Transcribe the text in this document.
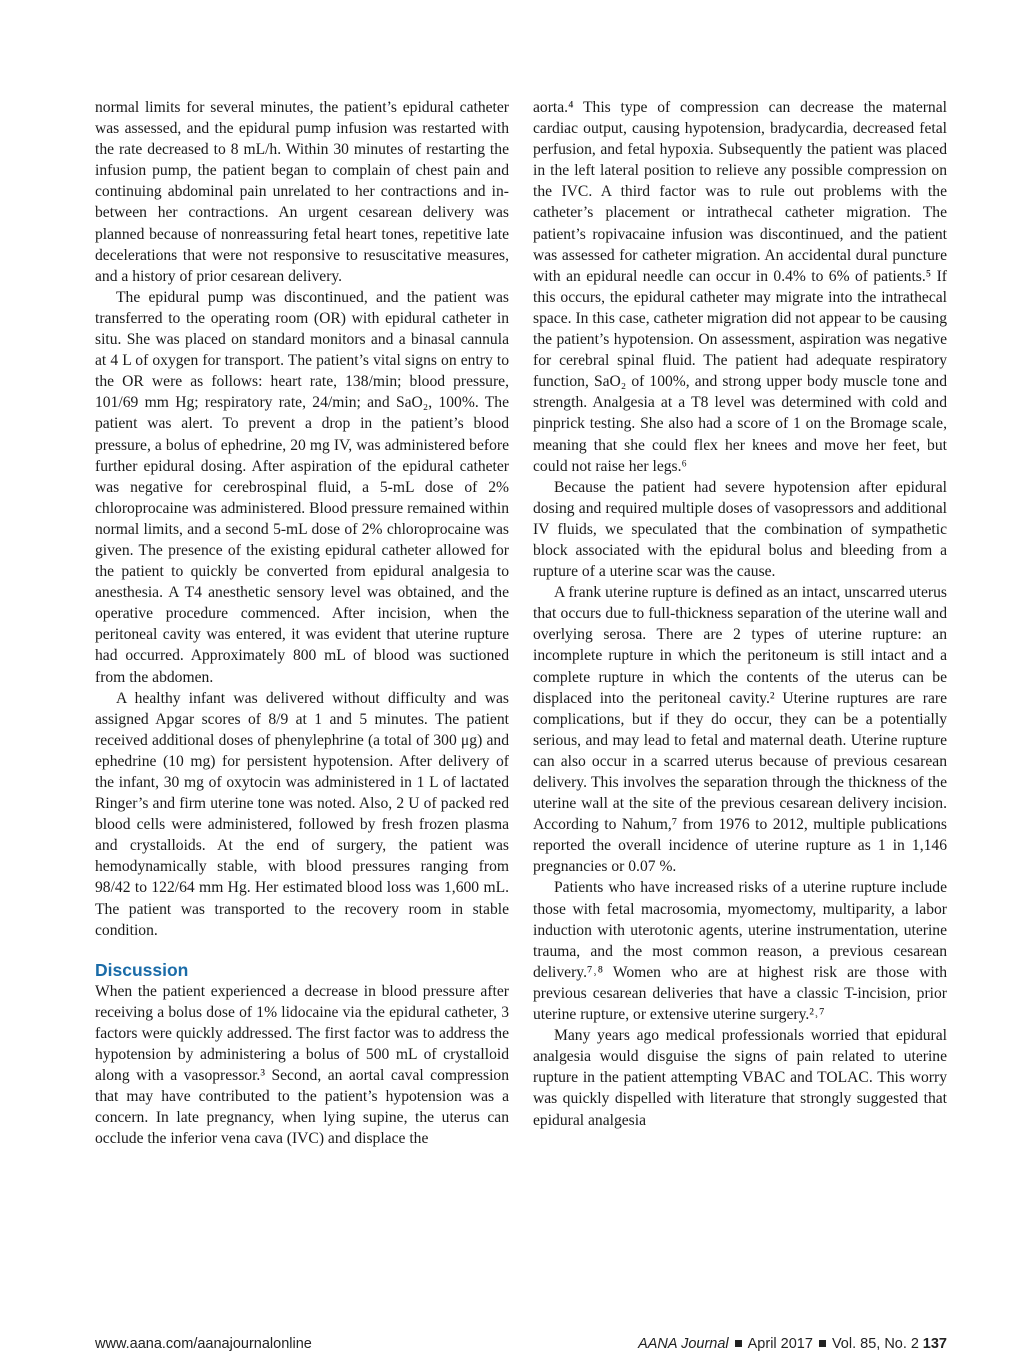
normal limits for several minutes, the patient’s epidural catheter was assessed, and the epidural pump infusion was restarted with the rate decreased to 8 mL/h. Within 30 minutes of restarting the infusion pump, the patient began to complain of chest pain and continuing abdominal pain unrelated to her contractions and in-between her contractions. An urgent cesarean delivery was planned because of nonreassuring fetal heart tones, repetitive late decelerations that were not responsive to resuscitative measures, and a history of prior cesarean delivery.

The epidural pump was discontinued, and the patient was transferred to the operating room (OR) with epidural catheter in situ. She was placed on standard monitors and a binasal cannula at 4 L of oxygen for transport. The patient’s vital signs on entry to the OR were as follows: heart rate, 138/min; blood pressure, 101/69 mm Hg; respiratory rate, 24/min; and SaO₂, 100%. The patient was alert. To prevent a drop in the patient’s blood pressure, a bolus of ephedrine, 20 mg IV, was administered before further epidural dosing. After aspiration of the epidural catheter was negative for cerebrospinal fluid, a 5-mL dose of 2% chloroprocaine was administered. Blood pressure remained within normal limits, and a second 5-mL dose of 2% chloroprocaine was given. The presence of the existing epidural catheter allowed for the patient to quickly be converted from epidural analgesia to anesthesia. A T4 anesthetic sensory level was obtained, and the operative procedure commenced. After incision, when the peritoneal cavity was entered, it was evident that uterine rupture had occurred. Approximately 800 mL of blood was suctioned from the abdomen.

A healthy infant was delivered without difficulty and was assigned Apgar scores of 8/9 at 1 and 5 minutes. The patient received additional doses of phenylephrine (a total of 300 μg) and ephedrine (10 mg) for persistent hypotension. After delivery of the infant, 30 mg of oxytocin was administered in 1 L of lactated Ringer’s and firm uterine tone was noted. Also, 2 U of packed red blood cells were administered, followed by fresh frozen plasma and crystalloids. At the end of surgery, the patient was hemodynamically stable, with blood pressures ranging from 98/42 to 122/64 mm Hg. Her estimated blood loss was 1,600 mL. The patient was transported to the recovery room in stable condition.

Discussion

When the patient experienced a decrease in blood pressure after receiving a bolus dose of 1% lidocaine via the epidural catheter, 3 factors were quickly addressed. The first factor was to address the hypotension by administering a bolus of 500 mL of crystalloid along with a vasopressor.³ Second, an aortal caval compression that may have contributed to the patient’s hypotension was a concern. In late pregnancy, when lying supine, the uterus can occlude the inferior vena cava (IVC) and displace the

aorta.⁴ This type of compression can decrease the maternal cardiac output, causing hypotension, bradycardia, decreased fetal perfusion, and fetal hypoxia. Subsequently the patient was placed in the left lateral position to relieve any possible compression on the IVC. A third factor was to rule out problems with the catheter’s placement or intrathecal catheter migration. The patient’s ropivacaine infusion was discontinued, and the patient was assessed for catheter migration. An accidental dural puncture with an epidural needle can occur in 0.4% to 6% of patients.⁵ If this occurs, the epidural catheter may migrate into the intrathecal space. In this case, catheter migration did not appear to be causing the patient’s hypotension. On assessment, aspiration was negative for cerebral spinal fluid. The patient had adequate respiratory function, SaO₂ of 100%, and strong upper body muscle tone and strength. Analgesia at a T8 level was determined with cold and pinprick testing. She also had a score of 1 on the Bromage scale, meaning that she could flex her knees and move her feet, but could not raise her legs.⁶

Because the patient had severe hypotension after epidural dosing and required multiple doses of vasopressors and additional IV fluids, we speculated that the combination of sympathetic block associated with the epidural bolus and bleeding from a rupture of a uterine scar was the cause.

A frank uterine rupture is defined as an intact, unscarred uterus that occurs due to full-thickness separation of the uterine wall and overlying serosa. There are 2 types of uterine rupture: an incomplete rupture in which the peritoneum is still intact and a complete rupture in which the contents of the uterus can be displaced into the peritoneal cavity.² Uterine ruptures are rare complications, but if they do occur, they can be a potentially serious, and may lead to fetal and maternal death. Uterine rupture can also occur in a scarred uterus because of previous cesarean delivery. This involves the separation through the thickness of the uterine wall at the site of the previous cesarean delivery incision. According to Nahum,⁷ from 1976 to 2012, multiple publications reported the overall incidence of uterine rupture as 1 in 1,146 pregnancies or 0.07 %.

Patients who have increased risks of a uterine rupture include those with fetal macrosomia, myomectomy, multiparity, a labor induction with uterotonic agents, uterine instrumentation, uterine trauma, and the most common reason, a previous cesarean delivery.⁷˒⁸ Women who are at highest risk are those with previous cesarean deliveries that have a classic T-incision, prior uterine rupture, or extensive uterine surgery.²˒⁷

Many years ago medical professionals worried that epidural analgesia would disguise the signs of pain related to uterine rupture in the patient attempting VBAC and TOLAC. This worry was quickly dispelled with literature that strongly suggested that epidural analgesia

www.aana.com/aanajournalonline	AANA Journal April 2017 Vol. 85, No. 2 137
